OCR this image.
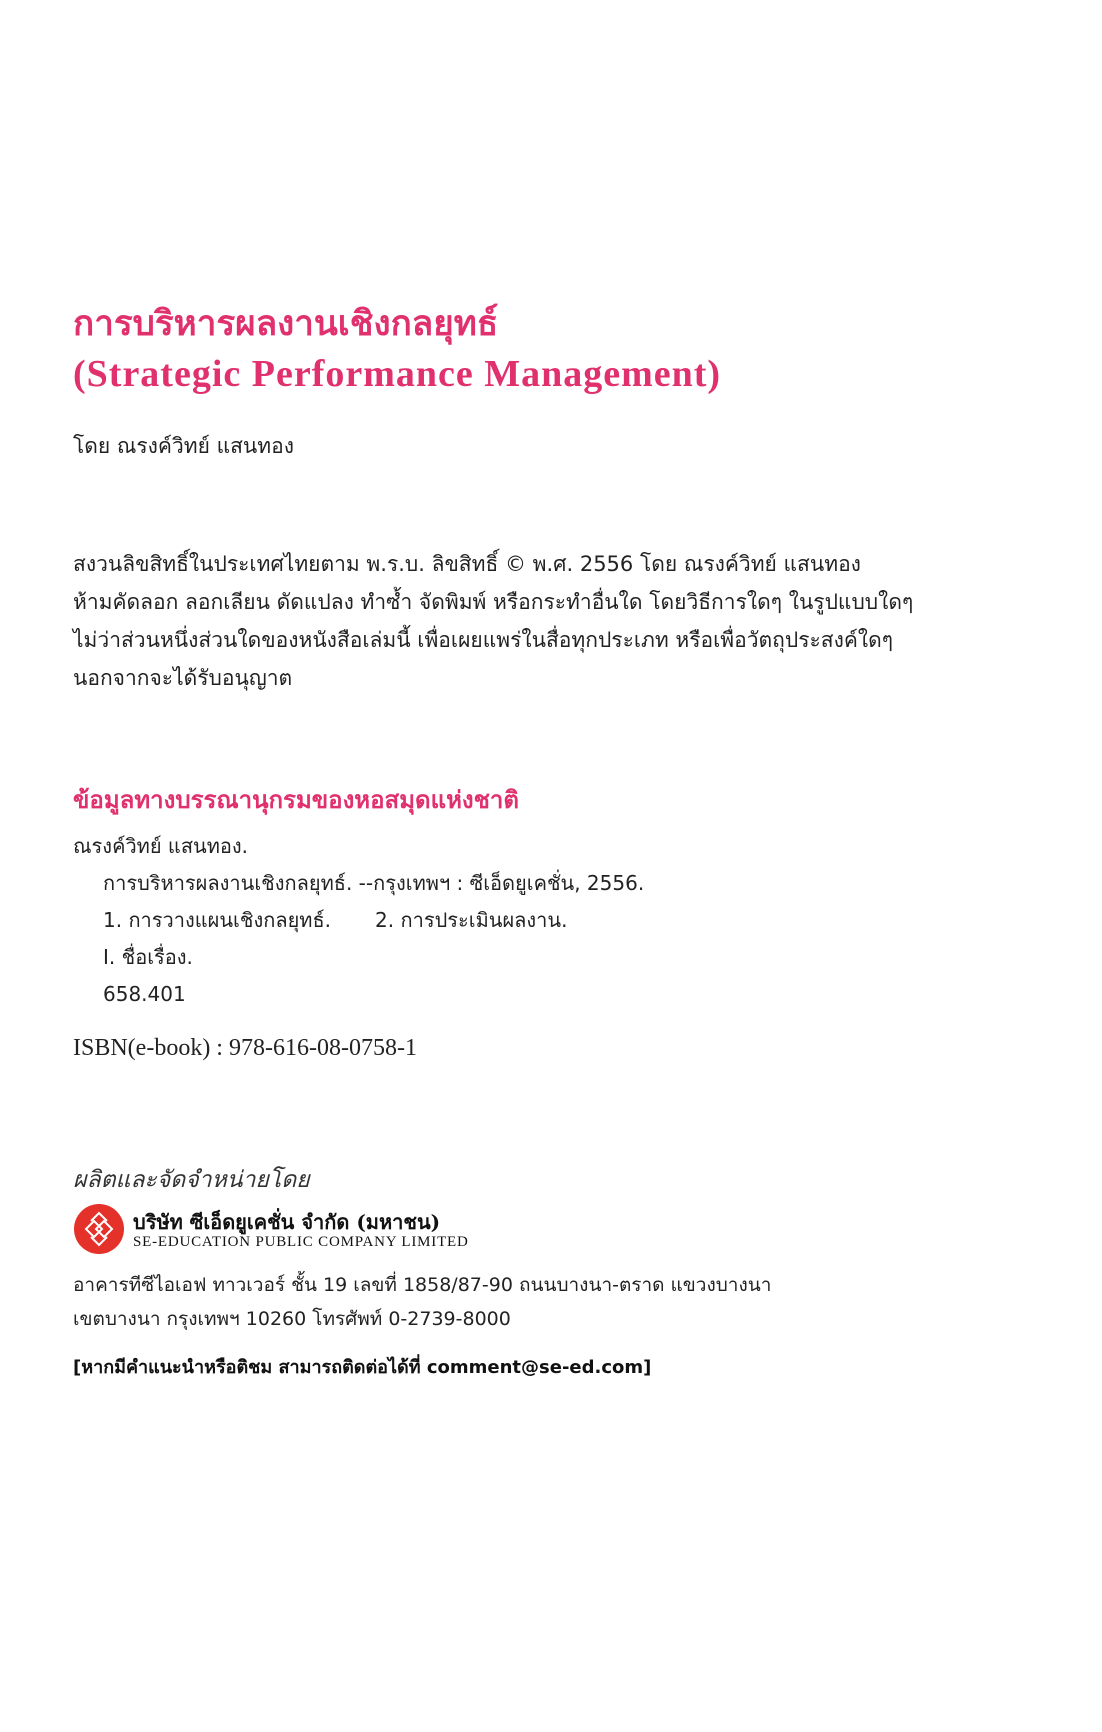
การบริหารผลงานเชิงกลยุทธ์
(Strategic Performance Management)
โดย ณรงค์วิทย์ แสนทอง
สงวนลิขสิทธิ์ในประเทศไทยตาม พ.ร.บ. ลิขสิทธิ์ © พ.ศ. 2556 โดย ณรงค์วิทย์ แสนทอง
ห้ามคัดลอก ลอกเลียน ดัดแปลง ทำซ้ำ จัดพิมพ์ หรือกระทำอื่นใด โดยวิธีการใดๆ ในรูปแบบใดๆ
ไม่ว่าส่วนหนึ่งส่วนใดของหนังสือเล่มนี้ เพื่อเผยแพร่ในสื่อทุกประเภท หรือเพื่อวัตถุประสงค์ใดๆ
นอกจากจะได้รับอนุญาต
ข้อมูลทางบรรณานุกรมของหอสมุดแห่งชาติ
ณรงค์วิทย์ แสนทอง.
การบริหารผลงานเชิงกลยุทธ์. --กรุงเทพฯ : ซีเอ็ดยูเคชั่น, 2556.
1. การวางแผนเชิงกลยุทธ์. 2. การประเมินผลงาน.
I. ชื่อเรื่อง.
658.401
ISBN(e-book) : 978-616-08-0758-1
ผลิตและจัดจำหน่ายโดย
บริษัท ซีเอ็ดยูเคชั่น จำกัด (มหาชน)
SE-EDUCATION PUBLIC COMPANY LIMITED
อาคารทีซีไอเอฟ ทาวเวอร์ ชั้น 19 เลขที่ 1858/87-90 ถนนบางนา-ตราด แขวงบางนา
เขตบางนา กรุงเทพฯ 10260 โทรศัพท์ 0-2739-8000
[หากมีคำแนะนำหรือติชม สามารถติดต่อได้ที่ comment@se-ed.com]
